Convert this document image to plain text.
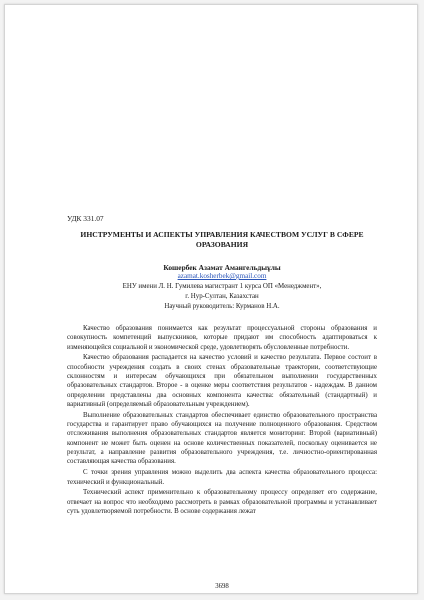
УДК 331.07
ИНСТРУМЕНТЫ И АСПЕКТЫ УПРАВЛЕНИЯ КАЧЕСТВОМ УСЛУГ В СФЕРЕ ОРАЗОВАНИЯ
Кошербек Азамат Амангельдыұлы
azamat.kosherbek@gmail.com
ЕНУ имени Л. Н. Гумилева магистрант 1 курса ОП «Менеджмент»,
г. Нур-Султан, Казахстан
Научный руководитель: Курманов Н.А.

Качество образования понимается как результат процессуальной стороны образования и совокупность компетенций выпускников, которые придают им способность адаптироваться к изменяющейся социальной и экономической среде, удовлетворять обусловленные потребности.

Качество образования распадается на качество условий и качество результата. Первое состоит в способности учреждения создать в своих стенах образовательные траектории, соответствующие склонностям и интересам обучающихся при обязательном выполнении государственных образовательных стандартов. Второе - в оценке меры соответствия результатов - надеждам. В данном определении представлены два основных компонента качества: обязательный (стандартный) и вариативный (определяемый образовательным учреждением).

Выполнение образовательных стандартов обеспечивает единство образовательного пространства государства и гарантирует право обучающихся на получение полноценного образования. Средством отслеживания выполнения образовательных стандартов является мониторинг. Второй (вариативный) компонент не может быть оценен на основе количественных показателей, поскольку оценивается не результат, а направление развития образовательного учреждения, т.е. личностно-ориентированная составляющая качества образования.

С точки зрения управления можно выделить два аспекта качества образовательного процесса: технический и функциональный.

Технический аспект применительно к образовательному процессу определяет его содержание, отвечает на вопрос что необходимо рассмотреть в рамках образовательной программы и устанавливает суть удовлетворяемой потребности. В основе содержания лежат

3698
